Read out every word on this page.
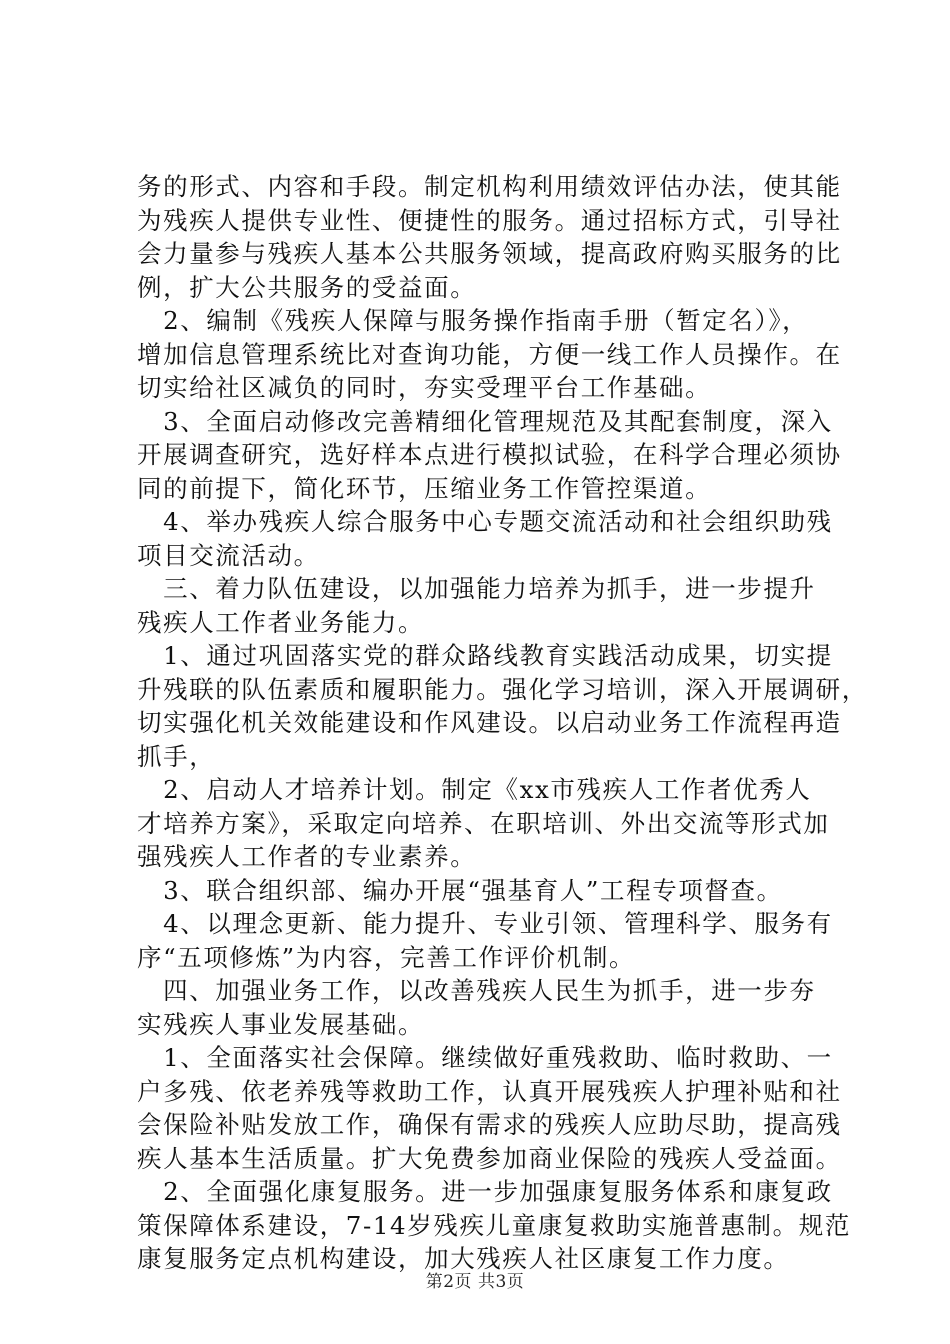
务的形式、内容和手段。制定机构利用绩效评估办法，使其能
为残疾人提供专业性、便捷性的服务。通过招标方式，引导社
会力量参与残疾人基本公共服务领域，提高政府购买服务的比
例，扩大公共服务的受益面。
　2、编制《残疾人保障与服务操作指南手册（暂定名）》，
增加信息管理系统比对查询功能，方便一线工作人员操作。在
切实给社区减负的同时，夯实受理平台工作基础。
　3、全面启动修改完善精细化管理规范及其配套制度，深入
开展调查研究，选好样本点进行模拟试验，在科学合理必须协
同的前提下，简化环节，压缩业务工作管控渠道。
　4、举办残疾人综合服务中心专题交流活动和社会组织助残
项目交流活动。
　三、着力队伍建设，以加强能力培养为抓手，进一步提升
残疾人工作者业务能力。
　1、通过巩固落实党的群众路线教育实践活动成果，切实提
升残联的队伍素质和履职能力。强化学习培训，深入开展调研，
切实强化机关效能建设和作风建设。以启动业务工作流程再造
抓手，
　2、启动人才培养计划。制定《xx市残疾人工作者优秀人
才培养方案》，采取定向培养、在职培训、外出交流等形式加
强残疾人工作者的专业素养。
　3、联合组织部、编办开展“强基育人”工程专项督查。
　4、以理念更新、能力提升、专业引领、管理科学、服务有
序“五项修炼”为内容，完善工作评价机制。
　四、加强业务工作，以改善残疾人民生为抓手，进一步夯
实残疾人事业发展基础。
　1、全面落实社会保障。继续做好重残救助、临时救助、一
户多残、依老养残等救助工作，认真开展残疾人护理补贴和社
会保险补贴发放工作，确保有需求的残疾人应助尽助，提高残
疾人基本生活质量。扩大免费参加商业保险的残疾人受益面。
　2、全面强化康复服务。进一步加强康复服务体系和康复政
策保障体系建设，7-14岁残疾儿童康复救助实施普惠制。规范
康复服务定点机构建设，加大残疾人社区康复工作力度。
第2页 共3页
